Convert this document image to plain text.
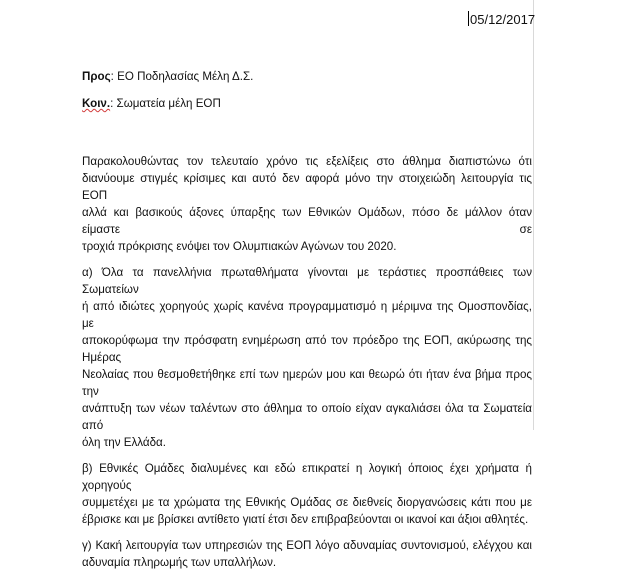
05/12/2017
Προς: ΕΟ Ποδηλασίας Μέλη Δ.Σ.
Κοιν.: Σωματεία μέλη ΕΟΠ
Παρακολουθώντας τον τελευταίο χρόνο τις εξελίξεις στο άθλημα διαπιστώνω ότι
διανύουμε στιγμές κρίσιμες και αυτό δεν αφορά μόνο την στοιχειώδη λειτουργία τις ΕΟΠ
αλλά και βασικούς άξονες ύπαρξης των Εθνικών Ομάδων, πόσο δε μάλλον όταν είμαστε σε
τροχιά πρόκρισης ενόψει τον Ολυμπιακών Αγώνων του 2020.
α) Όλα τα πανελλήνια πρωταθλήματα γίνονται με τεράστιες προσπάθειες των Σωματείων
ή από ιδιώτες χορηγούς χωρίς κανένα προγραμματισμό η μέριμνα της Ομοσπονδίας, με
αποκορύφωμα την πρόσφατη ενημέρωση από τον πρόεδρο της ΕΟΠ, ακύρωσης της Ημέρας
Νεολαίας που θεσμοθετήθηκε επί των ημερών μου και θεωρώ ότι ήταν ένα βήμα προς την
ανάπτυξη των νέων ταλέντων στο άθλημα το οποίο είχαν αγκαλιάσει όλα τα Σωματεία από
όλη την Ελλάδα.
β) Εθνικές Ομάδες διαλυμένες και εδώ επικρατεί η λογική όποιος έχει χρήματα ή χορηγούς
συμμετέχει με τα χρώματα της Εθνικής Ομάδας σε διεθνείς διοργανώσεις κάτι που με
έβρισκε και με βρίσκει αντίθετο γιατί έτσι δεν επιβραβεύονται οι ικανοί και άξιοι αθλητές.
γ) Κακή λειτουργία των υπηρεσιών της ΕΟΠ λόγο αδυναμίας συντονισμού, ελέγχου και
αδυναμία πληρωμής των υπαλλήλων.
